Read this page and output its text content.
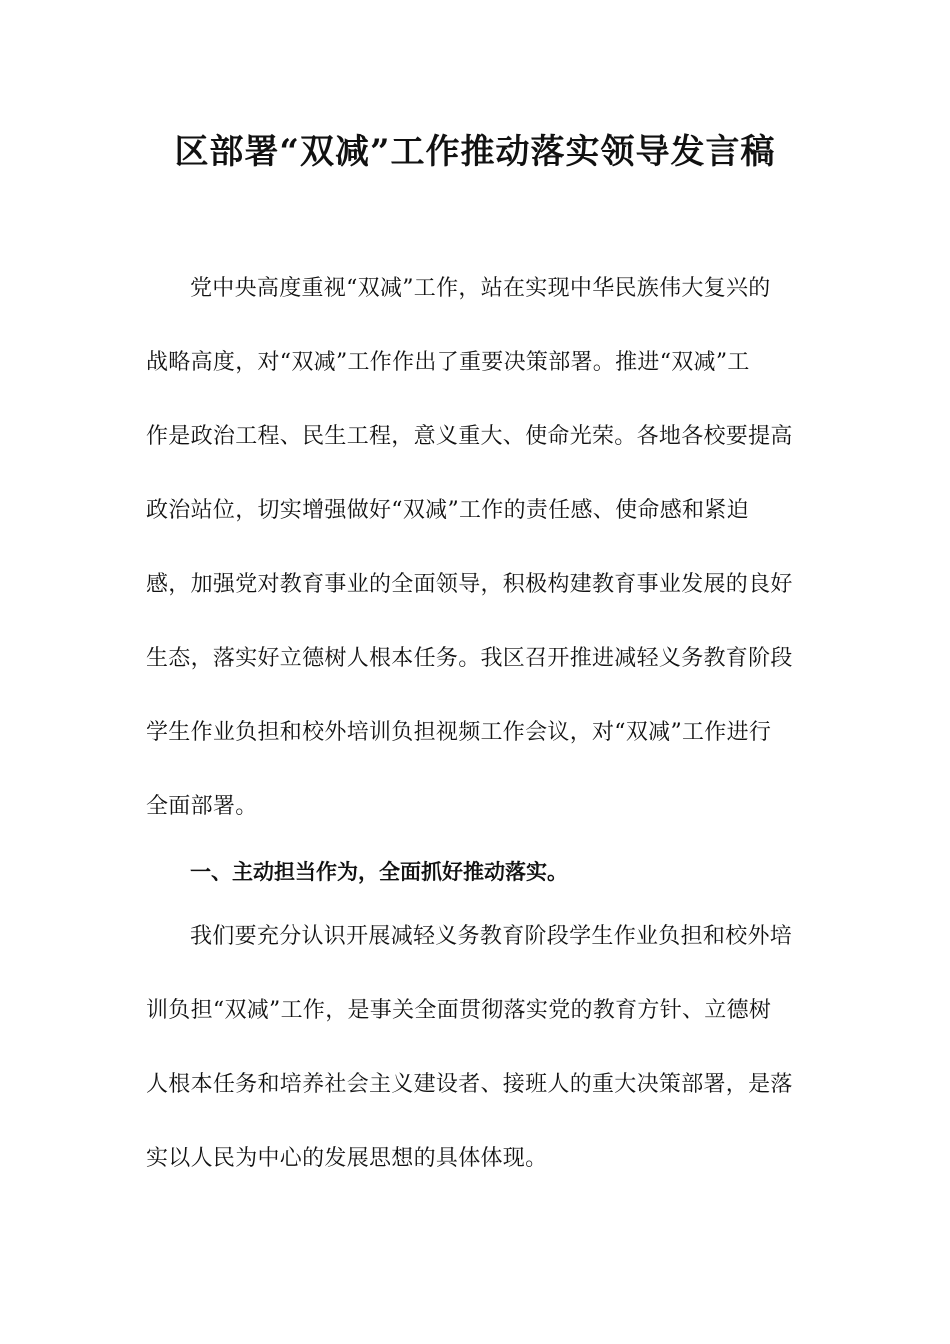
区部署“双减”工作推动落实领导发言稿
党中央高度重视“双减”工作，站在实现中华民族伟大复兴的
战略高度，对“双减”工作作出了重要决策部署。推进“双减”工
作是政治工程、民生工程，意义重大、使命光荣。各地各校要提高
政治站位，切实增强做好“双减”工作的责任感、使命感和紧迫
感，加强党对教育事业的全面领导，积极构建教育事业发展的良好
生态，落实好立德树人根本任务。我区召开推进减轻义务教育阶段
学生作业负担和校外培训负担视频工作会议，对“双减”工作进行
全面部署。
一、主动担当作为，全面抓好推动落实。
我们要充分认识开展减轻义务教育阶段学生作业负担和校外培
训负担“双减”工作，是事关全面贯彻落实党的教育方针、立德树
人根本任务和培养社会主义建设者、接班人的重大决策部署，是落
实以人民为中心的发展思想的具体体现。
